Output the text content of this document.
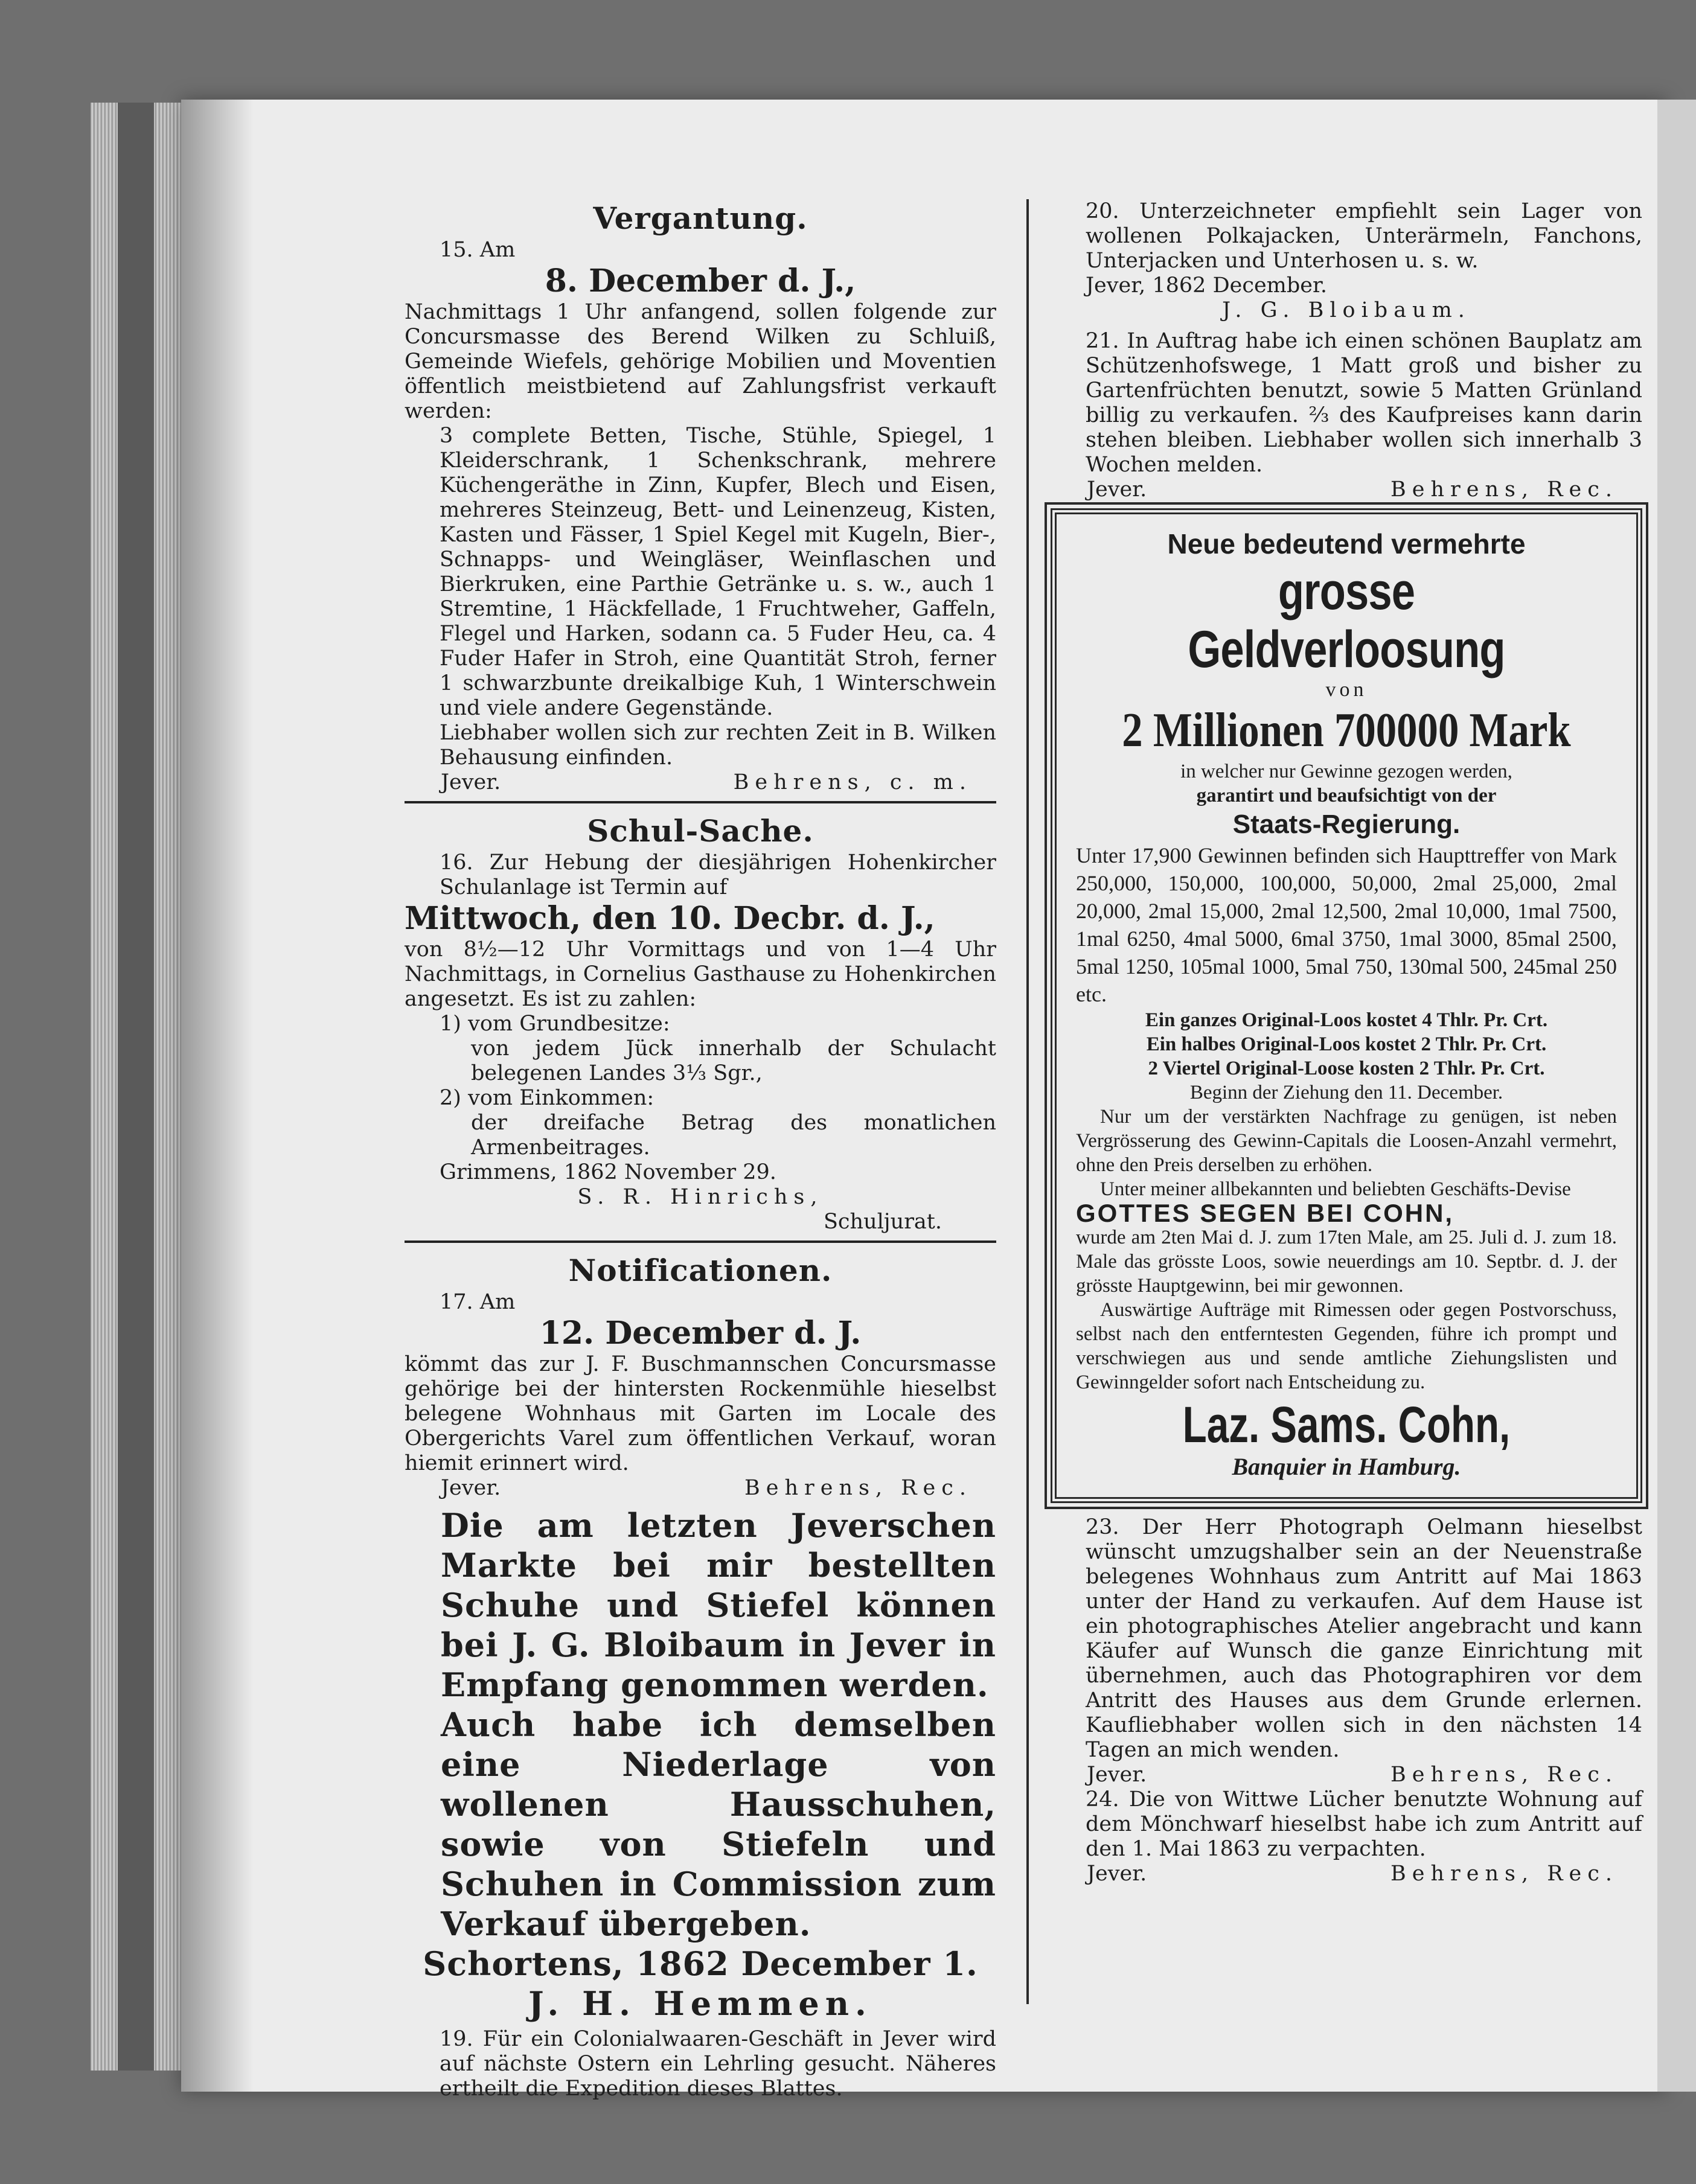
Vergantung.

15. Am

8. December d. J.,

Nachmittags 1 Uhr anfangend, sollen folgende zur Concursmasse des Berend Wilken zu Schluiß, Gemeinde Wiefels, gehörige Mobilien und Moventien öffentlich meistbietend auf Zahlungsfrist verkauft werden:

3 complete Betten, Tische, Stühle, Spiegel, 1 Kleiderschrank, 1 Schenkschrank, mehrere Küchengeräthe in Zinn, Kupfer, Blech und Eisen, mehreres Steinzeug, Bett- und Leinenzeug, Kisten, Kasten und Fässer, 1 Spiel Kegel mit Kugeln, Bier-, Schnapps- und Weingläser, Weinflaschen und Bierkruken, eine Parthie Getränke u. s. w., auch 1 Stremtine, 1 Häckfellade, 1 Fruchtweher, Gaffeln, Flegel und Harken, sodann ca. 5 Fuder Heu, ca. 4 Fuder Hafer in Stroh, eine Quantität Stroh, ferner 1 schwarzbunte dreikalbige Kuh, 1 Winterschwein und viele andere Gegenstände.

Liebhaber wollen sich zur rechten Zeit in B. Wilken Behausung einfinden.

Jever.	Behrens, c. m.
Schul-Sache.

16. Zur Hebung der diesjährigen Hohenkircher Schulanlage ist Termin auf

Mittwoch, den 10. Decbr. d. J.,

von 8½—12 Uhr Vormittags und von 1—4 Uhr Nachmittags, in Cornelius Gasthause zu Hohenkirchen angesetzt. Es ist zu zahlen:

1) vom Grundbesitze:

von jedem Jück innerhalb der Schulacht belegenen Landes 3⅓ Sgr.,

2) vom Einkommen:

der dreifache Betrag des monatlichen Armenbeitrages.

Grimmens, 1862 November 29.

S. R. Hinrichs,

Schuljurat.

Notificationen.

17. Am

12. December d. J.

kömmt das zur J. F. Buschmannschen Concursmasse gehörige bei der hintersten Rockenmühle hieselbst belegene Wohnhaus mit Garten im Locale des Obergerichts Varel zum öffentlichen Verkauf, woran hiemit erinnert wird.

Jever.	Behrens, Rec.

Die am letzten Jeverschen Markte bei mir bestellten Schuhe und Stiefel können bei J. G. Bloibaum in Jever in Empfang genommen werden.

Auch habe ich demselben eine Niederlage von wollenen Hausschuhen, sowie von Stiefeln und Schuhen in Commission zum Verkauf übergeben.

Schortens, 1862 December 1.

J. H. Hemmen.

19. Für ein Colonialwaaren-Geschäft in Jever wird auf nächste Ostern ein Lehrling gesucht. Näheres ertheilt die Expedition dieses Blattes.

20. Unterzeichneter empfiehlt sein Lager von wollenen Polkajacken, Unterärmeln, Fanchons, Unterjacken und Unterhosen u. s. w.

Jever, 1862 December.

J. G. Bloibaum.

21. In Auftrag habe ich einen schönen Bauplatz am Schützenhofswege, 1 Matt groß und bisher zu Gartenfrüchten benutzt, sowie 5 Matten Grünland billig zu verkaufen. ⅔ des Kaufpreises kann darin stehen bleiben. Liebhaber wollen sich innerhalb 3 Wochen melden.

Jever.	Behrens, Rec.

Neue bedeutend vermehrte

grosse Geldverloosung

von

2 Millionen 700000 Mark

in welcher nur Gewinne gezogen werden,

garantirt und beaufsichtigt von der

Staats-Regierung.

Unter 17,900 Gewinnen befinden sich Haupttreffer von Mark 250,000, 150,000, 100,000, 50,000, 2mal 25,000, 2mal 20,000, 2mal 15,000, 2mal 12,500, 2mal 10,000, 1mal 7500, 1mal 6250, 4mal 5000, 6mal 3750, 1mal 3000, 85mal 2500, 5mal 1250, 105mal 1000, 5mal 750, 130mal 500, 245mal 250 etc.

Ein ganzes Original-Loos kostet 4 Thlr. Pr. Crt.

Ein halbes Original-Loos kostet 2 Thlr. Pr. Crt.

2 Viertel Original-Loose kosten 2 Thlr. Pr. Crt.

Beginn der Ziehung den 11. December.

Nur um der verstärkten Nachfrage zu genügen, ist neben Vergrösserung des Gewinn-Capitals die Loosen-Anzahl vermehrt, ohne den Preis derselben zu erhöhen.

Unter meiner allbekannten und beliebten Geschäfts-Devise

GOTTES SEGEN BEI COHN,

wurde am 2ten Mai d. J. zum 17ten Male, am 25. Juli d. J. zum 18. Male das grösste Loos, sowie neuerdings am 10. Septbr. d. J. der grösste Hauptgewinn, bei mir gewonnen.

Auswärtige Aufträge mit Rimessen oder gegen Postvorschuss, selbst nach den entferntesten Gegenden, führe ich prompt und verschwiegen aus und sende amtliche Ziehungslisten und Gewinngelder sofort nach Entscheidung zu.

Laz. Sams. Cohn,

Banquier in Hamburg.

23. Der Herr Photograph Oelmann hieselbst wünscht umzugshalber sein an der Neuenstraße belegenes Wohnhaus zum Antritt auf Mai 1863 unter der Hand zu verkaufen. Auf dem Hause ist ein photographisches Atelier angebracht und kann Käufer auf Wunsch die ganze Einrichtung mit übernehmen, auch das Photographiren vor dem Antritt des Hauses aus dem Grunde erlernen. Kaufliebhaber wollen sich in den nächsten 14 Tagen an mich wenden.

Jever.	Behrens, Rec.

24. Die von Wittwe Lücher benutzte Wohnung auf dem Mönchwarf hieselbst habe ich zum Antritt auf den 1. Mai 1863 zu verpachten.

Jever.	Behrens, Rec.
